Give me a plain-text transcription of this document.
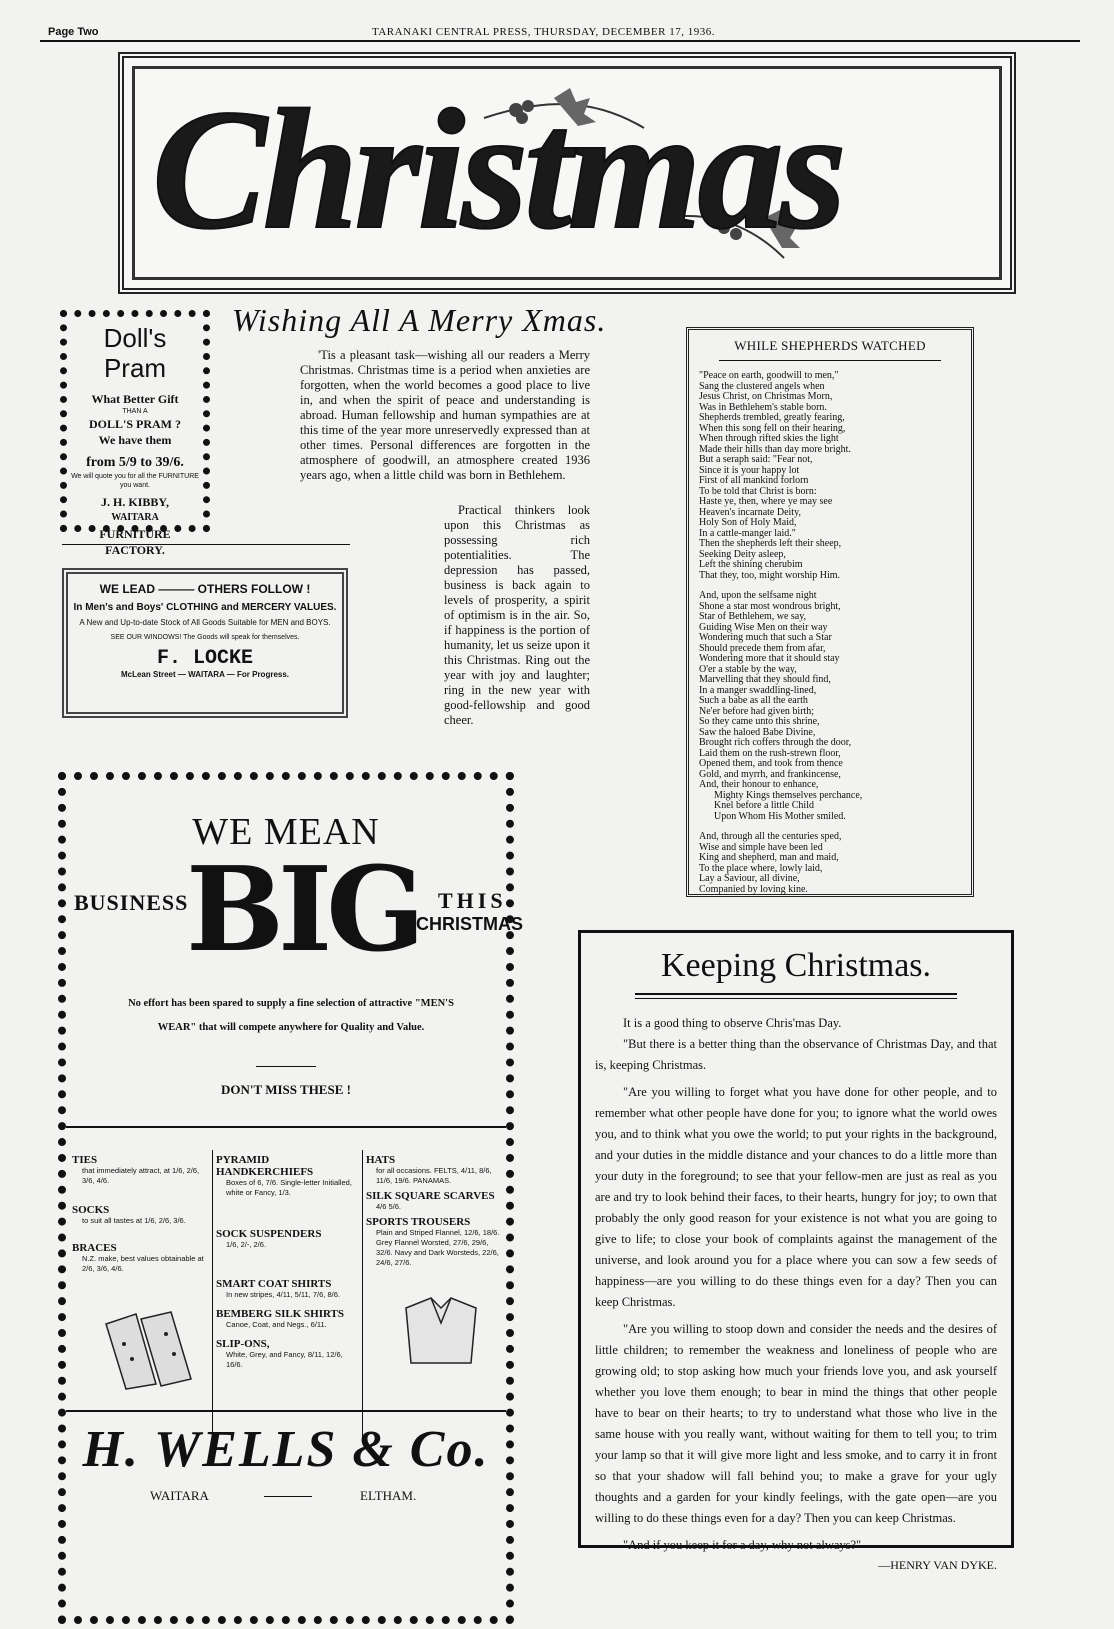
Page Two	TARANAKI CENTRAL PRESS, THURSDAY, DECEMBER 17, 1936.
Christmas
Doll's
Pram
What Better Gift
THAN A
DOLL'S PRAM ?
We have them
from 5/9 to 39/6.
We will quote you for all the FURNITURE you want.
J. H. KIBBY,
WAITARA
FURNITURE FACTORY.
Wishing All A Merry Xmas.
'Tis a pleasant task—wishing all our readers a Merry Christmas. Christmas time is a period when anxieties are forgotten, when the world becomes a good place to live in, and when the spirit of peace and understanding is abroad. Human fellowship and human sympathies are at this time of the year more unreservedly expressed than at other times. Personal differences are forgotten in the atmosphere of goodwill, an atmosphere created 1936 years ago, when a little child was born in Bethlehem.
Practical thinkers look upon this Christmas as possessing rich potentialities. The depression has passed, business is back again to levels of prosperity, a spirit of optimism is in the air. So, if happiness is the portion of humanity, let us seize upon it this Christmas. Ring out the year with joy and laughter; ring in the new year with good-fellowship and good cheer.
WHILE SHEPHERDS WATCHED
"Peace on earth, goodwill to men,"
Sang the clustered angels when
Jesus Christ, on Christmas Morn,
Was in Bethlehem's stable born.
Shepherds trembled, greatly fearing,
When this song fell on their hearing,
When through rifted skies the light
Made their hills than day more bright.
But a seraph said: "Fear not,
Since it is your happy lot
First of all mankind forlorn
To be told that Christ is born:
Haste ye, then, where ye may see
Heaven's incarnate Deity,
Holy Son of Holy Maid,
In a cattle-manger laid."
Then the shepherds left their sheep,
Seeking Deity asleep,
Left the shining cherubim
That they, too, might worship Him.
And, upon the selfsame night
Shone a star most wondrous bright,
Star of Bethlehem, we say,
Guiding Wise Men on their way
Wondering much that such a Star
Should precede them from afar,
Wondering more that it should stay
O'er a stable by the way,
Marvelling that they should find,
In a manger swaddling-lined,
Such a babe as all the earth
Ne'er before had given birth;
So they came unto this shrine,
Saw the haloed Babe Divine,
Brought rich coffers through the door,
Laid them on the rush-strewn floor,
Opened them, and took from thence
Gold, and myrrh, and frankincense,
And, their honour to enhance,
Mighty Kings themselves perchance,
Knel before a little Child
Upon Whom His Mother smiled.
And, through all the centuries sped,
Wise and simple have been led
King and shepherd, man and maid,
To the place where, lowly laid,
Lay a Saviour, all divine,
Companied by loving kine.
WE LEAD ——— OTHERS FOLLOW !
In Men's and Boys' CLOTHING and MERCERY VALUES.
A New and Up-to-date Stock of All Goods Suitable for MEN and BOYS.
SEE OUR WINDOWS! The Goods will speak for themselves.
F. LOCKE
McLean Street — WAITARA — For Progress.
WE MEAN
BUSINESS
BIG THIS
CHRISTMAS
No effort has been spared to supply a fine selection of attractive "MEN'S WEAR" that will compete anywhere for Quality and Value.
DON'T MISS THESE !
TIES
that immediately attract, at 1/6, 2/6, 3/6, 4/6.
SOCKS
to suit all tastes at 1/6, 2/6, 3/6.
BRACES
N.Z. make, best values obtainable at 2/6, 3/6, 4/6.
PYRAMID HANDKERCHIEFS
Boxes of 6, 7/6. Single-letter Initialled, white or Fancy, 1/3.
SOCK SUSPENDERS
1/6, 2/-, 2/6.
SMART COAT SHIRTS
In new stripes, 4/11, 5/11, 7/6, 8/6.
BEMBERG SILK SHIRTS
Canoe, Coat, and Negs., 6/11.
SLIP-ONS,
White, Grey, and Fancy, 8/11, 12/6, 16/6.
HATS
for all occasions. FELTS, 4/11, 8/6, 11/6, 19/6. PANAMAS.
SILK SQUARE SCARVES
4/6 5/6.
SPORTS TROUSERS
Plain and Striped Flannel, 12/6, 18/6. Grey Flannel Worsted, 27/6, 29/6, 32/6. Navy and Dark Worsteds, 22/6, 24/6, 27/6.
H. WELLS & Co.
WAITARA	ELTHAM.
Keeping Christmas.

It is a good thing to observe Chris'mas Day.

"But there is a better thing than the observance of Christmas Day, and that is, keeping Christmas.

"Are you willing to forget what you have done for other people, and to remember what other people have done for you; to ignore what the world owes you, and to think what you owe the world; to put your rights in the background, and your duties in the middle distance and your chances to do a little more than your duty in the foreground; to see that your fellow-men are just as real as you are and try to look behind their faces, to their hearts, hungry for joy; to own that probably the only good reason for your existence is not what you are going to give to life; to close your book of complaints against the management of the universe, and look around you for a place where you can sow a few seeds of happiness—are you willing to do these things even for a day? Then you can keep Christmas.

"Are you willing to stoop down and consider the needs and the desires of little children; to remember the weakness and loneliness of people who are growing old; to stop asking how much your friends love you, and ask yourself whether you love them enough; to bear in mind the things that other people have to bear on their hearts; to try to understand what those who live in the same house with you really want, without waiting for them to tell you; to trim your lamp so that it will give more light and less smoke, and to carry it in front so that your shadow will fall behind you; to make a grave for your ugly thoughts and a garden for your kindly feelings, with the gate open—are you willing to do these things even for a day? Then you can keep Christmas.

"And if you keep it for a day, why not always?"

—HENRY VAN DYKE.
